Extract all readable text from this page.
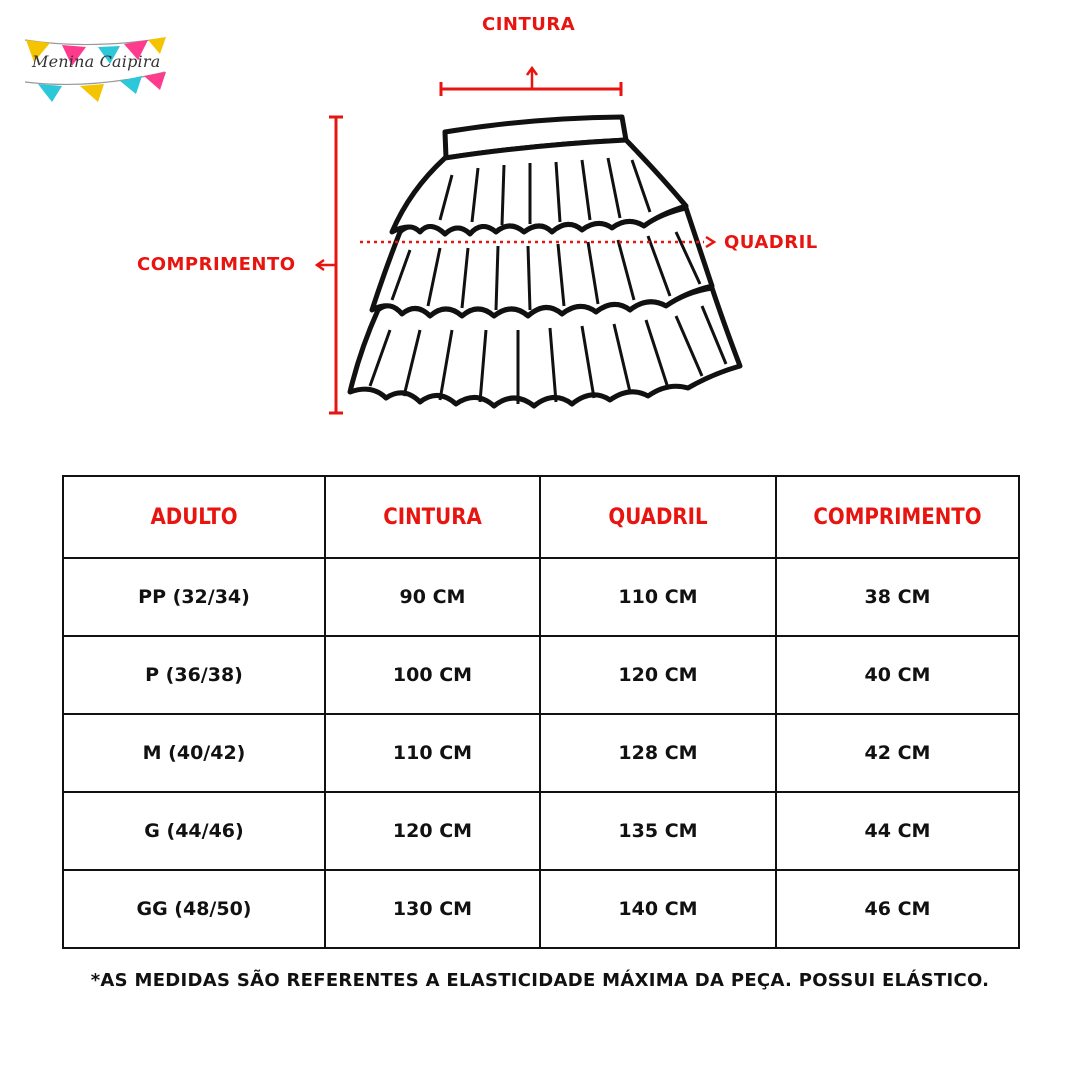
Menina Caipira
CINTURA
QUADRIL
COMPRIMENTO
ADULTO	CINTURA	QUADRIL	COMPRIMENTO
PP (32/34)	90 CM	110 CM	38 CM
P (36/38)	100 CM	120 CM	40 CM
M (40/42)	110 CM	128 CM	42 CM
G (44/46)	120 CM	135 CM	44 CM
GG (48/50)	130 CM	140 CM	46 CM
*AS MEDIDAS SÃO REFERENTES A ELASTICIDADE MÁXIMA DA PEÇA. POSSUI ELÁSTICO.
